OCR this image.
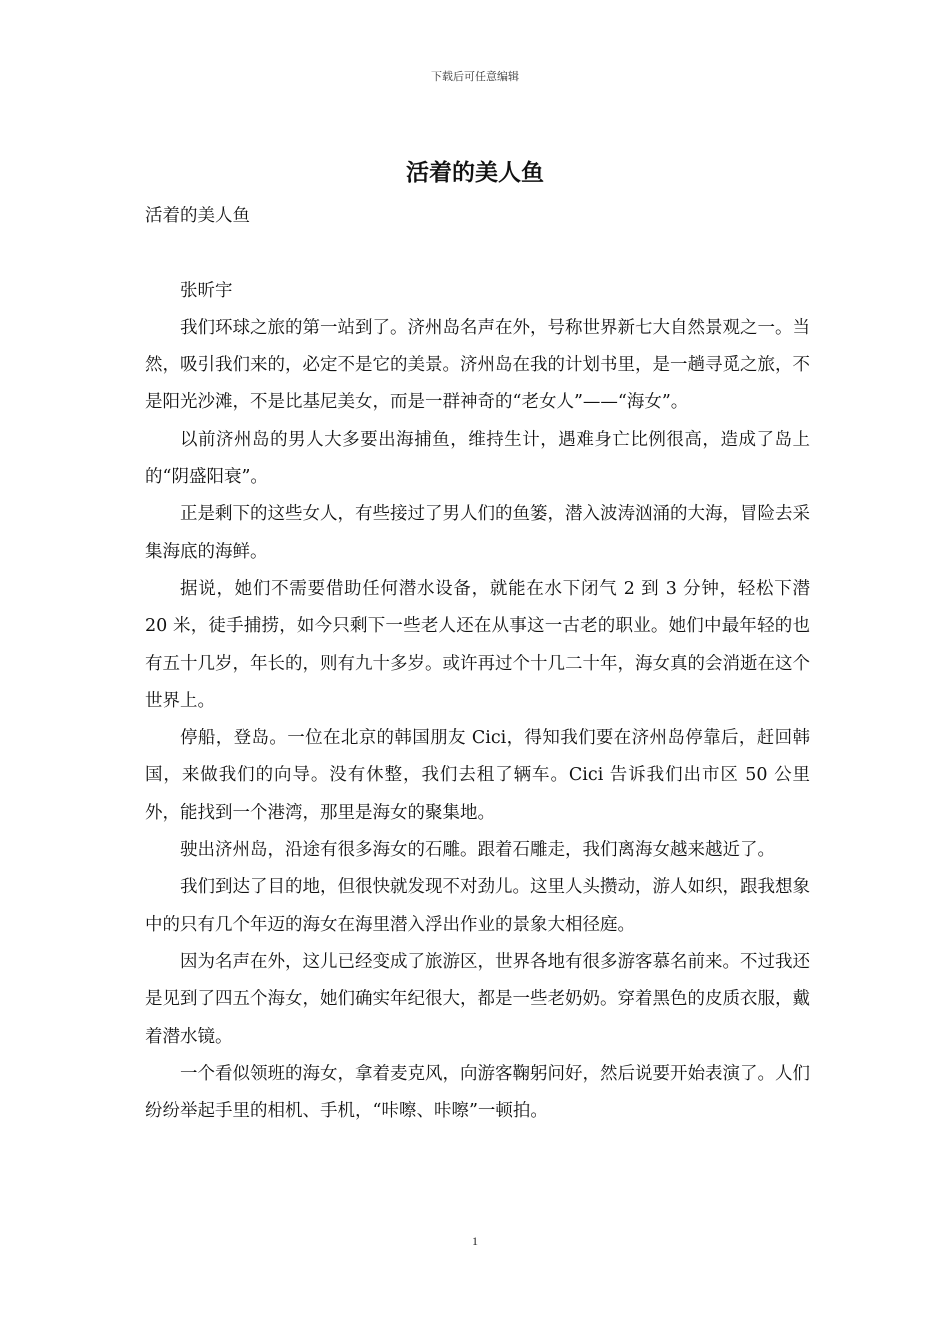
下载后可任意编辑
活着的美人鱼

活着的美人鱼

张昕宇

我们环球之旅的第一站到了。济州岛名声在外，号称世界新七大自然景观之一。当然，吸引我们来的，必定不是它的美景。济州岛在我的计划书里，是一趟寻觅之旅，不是阳光沙滩，不是比基尼美女，而是一群神奇的“老女人”——“海女”。

以前济州岛的男人大多要出海捕鱼，维持生计，遇难身亡比例很高，造成了岛上的“阴盛阳衰”。

正是剩下的这些女人，有些接过了男人们的鱼篓，潜入波涛汹涌的大海，冒险去采集海底的海鲜。

据说，她们不需要借助任何潜水设备，就能在水下闭气 2 到 3 分钟，轻松下潜 20 米，徒手捕捞，如今只剩下一些老人还在从事这一古老的职业。她们中最年轻的也有五十几岁，年长的，则有九十多岁。或许再过个十几二十年，海女真的会消逝在这个世界上。

停船，登岛。一位在北京的韩国朋友 Cici，得知我们要在济州岛停靠后，赶回韩国，来做我们的向导。没有休整，我们去租了辆车。Cici 告诉我们出市区 50 公里外，能找到一个港湾，那里是海女的聚集地。

驶出济州岛，沿途有很多海女的石雕。跟着石雕走，我们离海女越来越近了。

我们到达了目的地，但很快就发现不对劲儿。这里人头攒动，游人如织，跟我想象中的只有几个年迈的海女在海里潜入浮出作业的景象大相径庭。

因为名声在外，这儿已经变成了旅游区，世界各地有很多游客慕名前来。不过我还是见到了四五个海女，她们确实年纪很大，都是一些老奶奶。穿着黑色的皮质衣服，戴着潜水镜。

一个看似领班的海女，拿着麦克风，向游客鞠躬问好，然后说要开始表演了。人们纷纷举起手里的相机、手机，“咔嚓、咔嚓”一顿拍。

1
